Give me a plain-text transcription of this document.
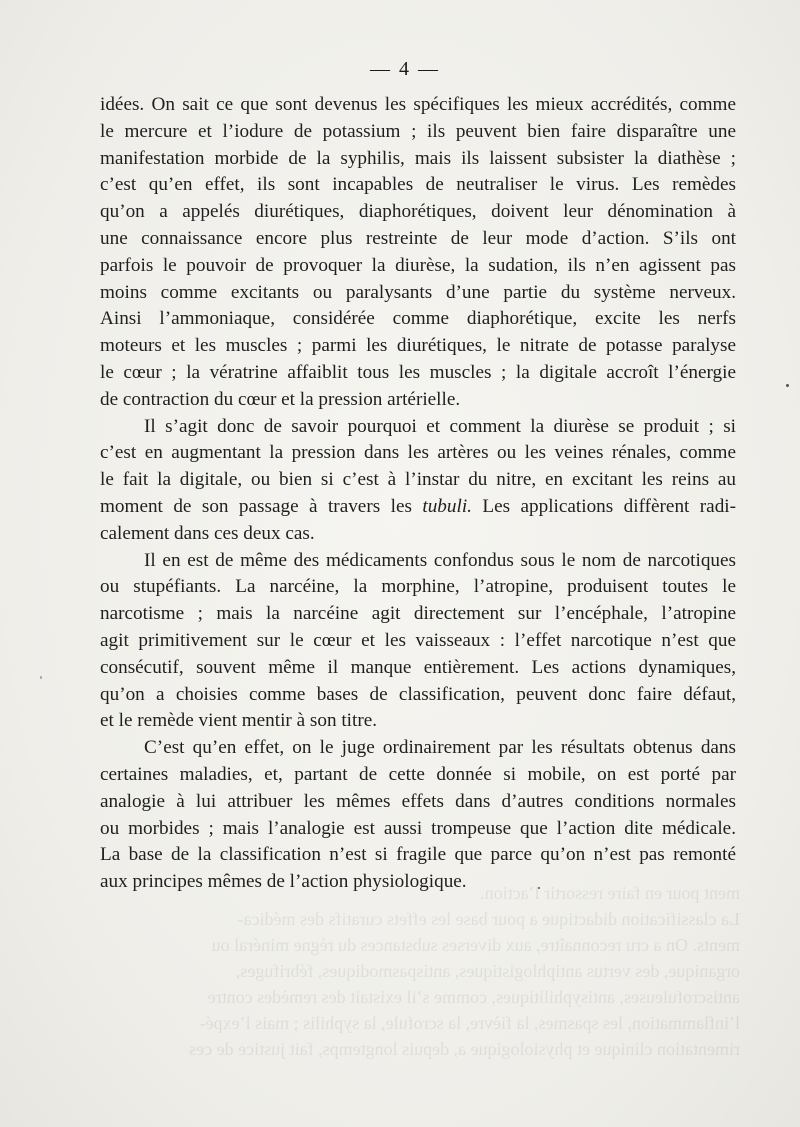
ment pour en faire ressortir l’action.
La classification didactique a pour base les effets curatifs des médica-
ments. On a cru reconnaître, aux diverses substances du règne minéral ou
organique, des vertus antiphlogistiques, antispasmodiques, fébrifuges,
antiscrofuleuses, antisyphilitiques, comme s’il existait des remèdes contre
l’inflammation, les spasmes, la fièvre, la scrofule, la syphilis ; mais l’expé-
rimentation clinique et physiologique a, depuis longtemps, fait justice de ces
— 4 —

idées. On sait ce que sont devenus les spécifiques les mieux accrédités, comme
le mercure et l’iodure de potassium ; ils peuvent bien faire disparaître une
manifestation morbide de la syphilis, mais ils laissent subsister la diathèse ;
c’est qu’en effet, ils sont incapables de neutraliser le virus. Les remèdes
qu’on a appelés diurétiques, diaphorétiques, doivent leur dénomination à
une connaissance encore plus restreinte de leur mode d’action. S’ils ont
parfois le pouvoir de provoquer la diurèse, la sudation, ils n’en agissent pas
moins comme excitants ou paralysants d’une partie du système nerveux.
Ainsi l’ammoniaque, considérée comme diaphorétique, excite les nerfs
moteurs et les muscles ; parmi les diurétiques, le nitrate de potasse paralyse
le cœur ; la vératrine affaiblit tous les muscles ; la digitale accroît l’énergie
de contraction du cœur et la pression artérielle.

Il s’agit donc de savoir pourquoi et comment la diurèse se produit ; si
c’est en augmentant la pression dans les artères ou les veines rénales, comme
le fait la digitale, ou bien si c’est à l’instar du nitre, en excitant les reins au
moment de son passage à travers les tubuli. Les applications diffèrent radi-
calement dans ces deux cas.

Il en est de même des médicaments confondus sous le nom de narcotiques
ou stupéfiants. La narcéine, la morphine, l’atropine, produisent toutes le
narcotisme ; mais la narcéine agit directement sur l’encéphale, l’atropine
agit primitivement sur le cœur et les vaisseaux : l’effet narcotique n’est que
consécutif, souvent même il manque entièrement. Les actions dynamiques,
qu’on a choisies comme bases de classification, peuvent donc faire défaut,
et le remède vient mentir à son titre.

C’est qu’en effet, on le juge ordinairement par les résultats obtenus dans
certaines maladies, et, partant de cette donnée si mobile, on est porté par
analogie à lui attribuer les mêmes effets dans d’autres conditions normales
ou morbides ; mais l’analogie est aussi trompeuse que l’action dite médicale.
La base de la classification n’est si fragile que parce qu’on n’est pas remonté
aux principes mêmes de l’action physiologique.
